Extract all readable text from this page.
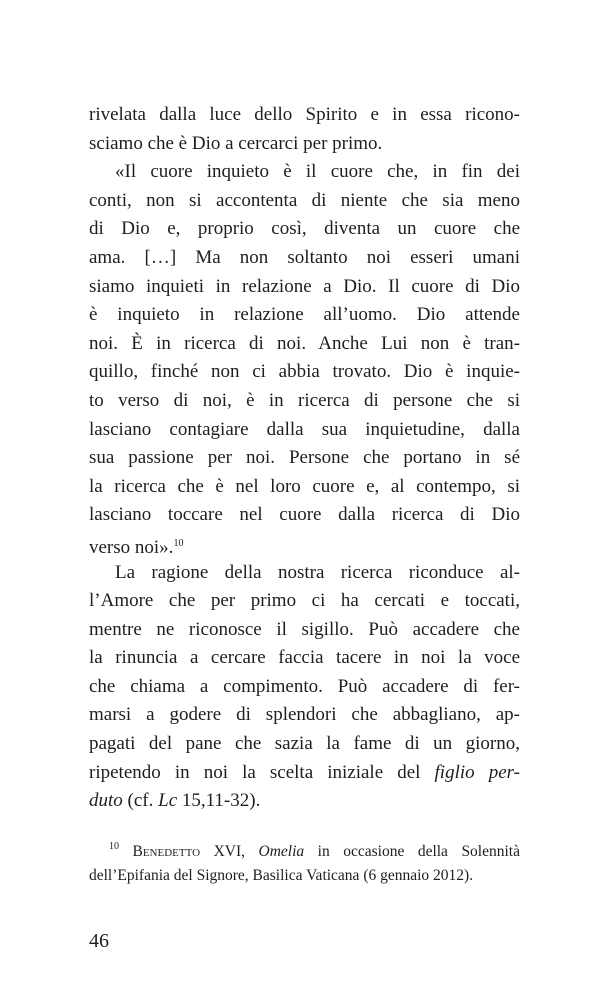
rivelata dalla luce dello Spirito e in essa ricono-
sciamo che è Dio a cercarci per primo.
«Il cuore inquieto è il cuore che, in fin dei
conti, non si accontenta di niente che sia meno
di Dio e, proprio così, diventa un cuore che
ama. […] Ma non soltanto noi esseri umani
siamo inquieti in relazione a Dio. Il cuore di Dio
è inquieto in relazione all’uomo. Dio attende
noi. È in ricerca di noi. Anche Lui non è tran-
quillo, finché non ci abbia trovato. Dio è inquie-
to verso di noi, è in ricerca di persone che si
lasciano contagiare dalla sua inquietudine, dalla
sua passione per noi. Persone che portano in sé
la ricerca che è nel loro cuore e, al contempo, si
lasciano toccare nel cuore dalla ricerca di Dio
verso noi».$^{10}$
La ragione della nostra ricerca riconduce al-
l’Amore che per primo ci ha cercati e toccati,
mentre ne riconosce il sigillo. Può accadere che
la rinuncia a cercare faccia tacere in noi la voce
che chiama a compimento. Può accadere di fer-
marsi a godere di splendori che abbagliano, ap-
pagati del pane che sazia la fame di un giorno,
ripetendo in noi la scelta iniziale del figlio per-
duto (cf. Lc 15,11-32).
$^{10}$ Benedetto XVI, Omelia in occasione della Solennità
dell’Epifania del Signore, Basilica Vaticana (6 gennaio 2012).
46
